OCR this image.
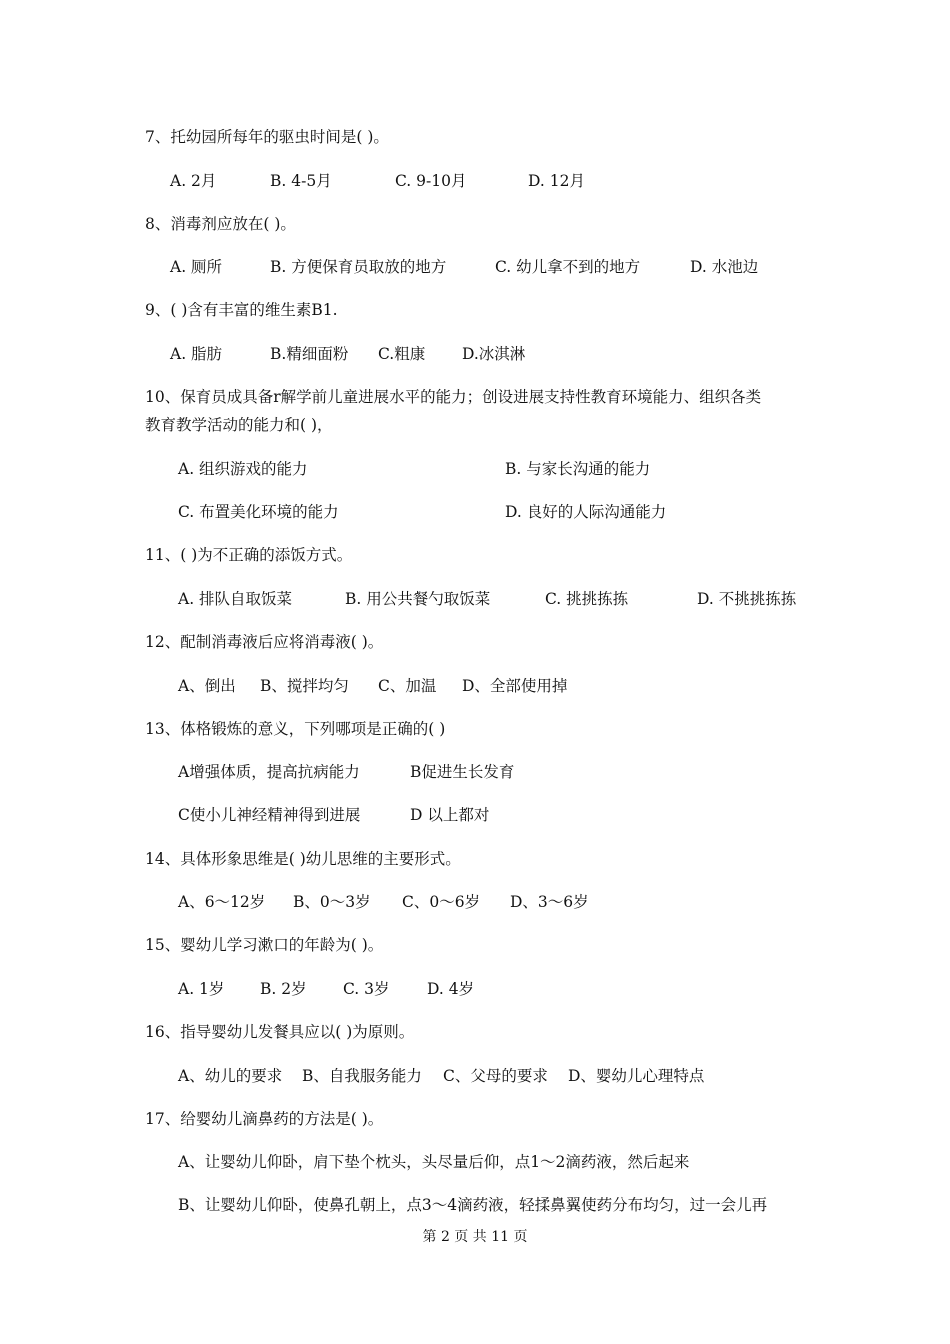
7、托幼园所每年的驱虫时间是( )。
A. 2月	B. 4-5月	C. 9-10月	D. 12月
8、消毒剂应放在( )。
A. 厕所	B. 方便保育员取放的地方	C. 幼儿拿不到的地方	D. 水池边
9、( )含有丰富的维生素B1.
A. 脂肪	B.精细面粉 C.粗康 D.冰淇淋
10、保育员成具备r解学前儿童进展水平的能力；创设进展支持性教育环境能力、组织各类
教育教学活动的能力和( )，
A. 组织游戏的能力	B. 与家长沟通的能力
C. 布置美化环境的能力	D. 良好的人际沟通能力
11、( )为不正确的添饭方式。
A. 排队自取饭菜	B. 用公共餐勺取饭菜	C. 挑挑拣拣	D. 不挑挑拣拣
12、配制消毒液后应将消毒液( )。
A、倒出 B、搅拌均匀 C、加温 D、全部使用掉
13、体格锻炼的意义，下列哪项是正确的( )
A增强体质，提高抗病能力	B促进生长发育
C使小儿神经精神得到进展	D 以上都对
14、具体形象思维是( )幼儿思维的主要形式。
A、6～12岁 B、0～3岁 C、0～6岁 D、3～6岁
15、婴幼儿学习漱口的年龄为( )。
A. 1岁 B. 2岁 C. 3岁 D. 4岁
16、指导婴幼儿发餐具应以( )为原则。
A、幼儿的要求 B、自我服务能力 C、父母的要求 D、婴幼儿心理特点
17、给婴幼儿滴鼻药的方法是( )。
A、让婴幼儿仰卧，肩下垫个枕头，头尽量后仰，点1～2滴药液，然后起来
B、让婴幼儿仰卧，使鼻孔朝上，点3～4滴药液，轻揉鼻翼使药分布均匀，过一会儿再
第 2 页 共 11 页
